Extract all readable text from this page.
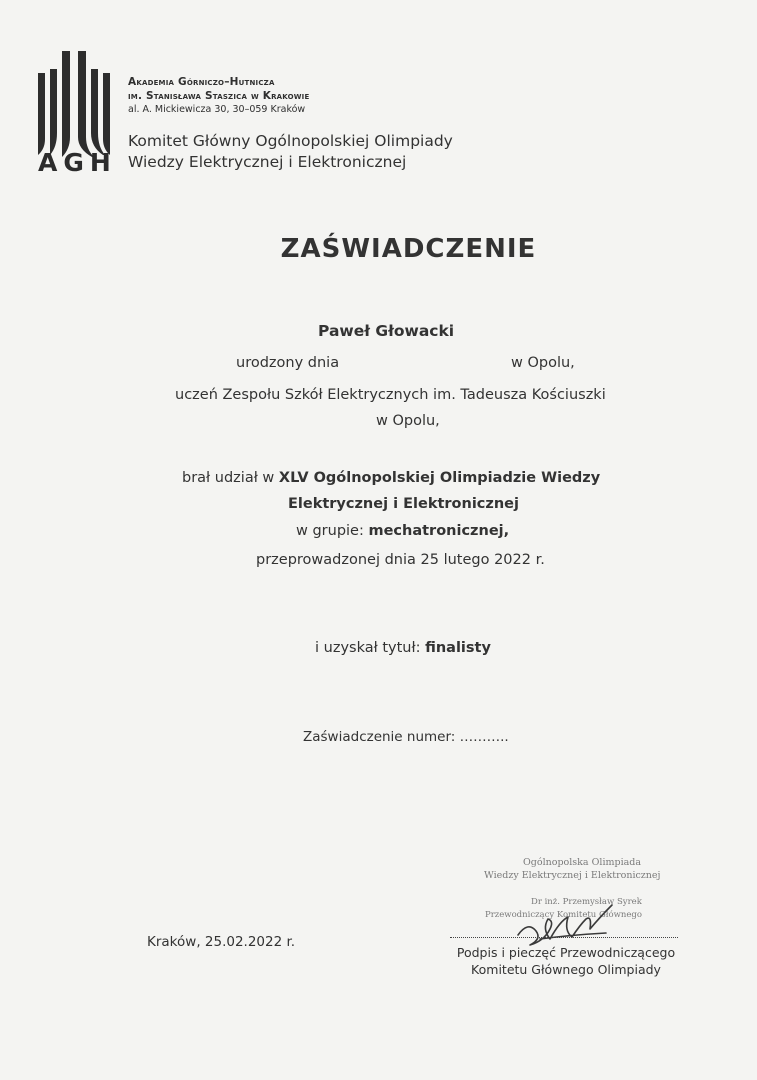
AGH
Akademia Górniczo–Hutnicza
im. Stanisława Staszica w Krakowie
al. A. Mickiewicza 30, 30–059 Kraków
Komitet Główny Ogólnopolskiej Olimpiady
Wiedzy Elektrycznej i Elektronicznej
ZAŚWIADCZENIE
Paweł Głowacki
urodzony dnia	w Opolu,
uczeń Zespołu Szkół Elektrycznych im. Tadeusza Kościuszki
w Opolu,
brał udział w XLV Ogólnopolskiej Olimpiadzie Wiedzy
Elektrycznej i Elektronicznej
w grupie: mechatronicznej,
przeprowadzonej dnia 25 lutego 2022 r.
i uzyskał tytuł: finalisty
Zaświadczenie numer: ………..
Ogólnopolska Olimpiada
Wiedzy Elektrycznej i Elektronicznej
Dr inż. Przemysław Syrek
Przewodniczący Komitetu Głównego
Kraków, 25.02.2022 r.
Podpis i pieczęć Przewodniczącego
Komitetu Głównego Olimpiady
